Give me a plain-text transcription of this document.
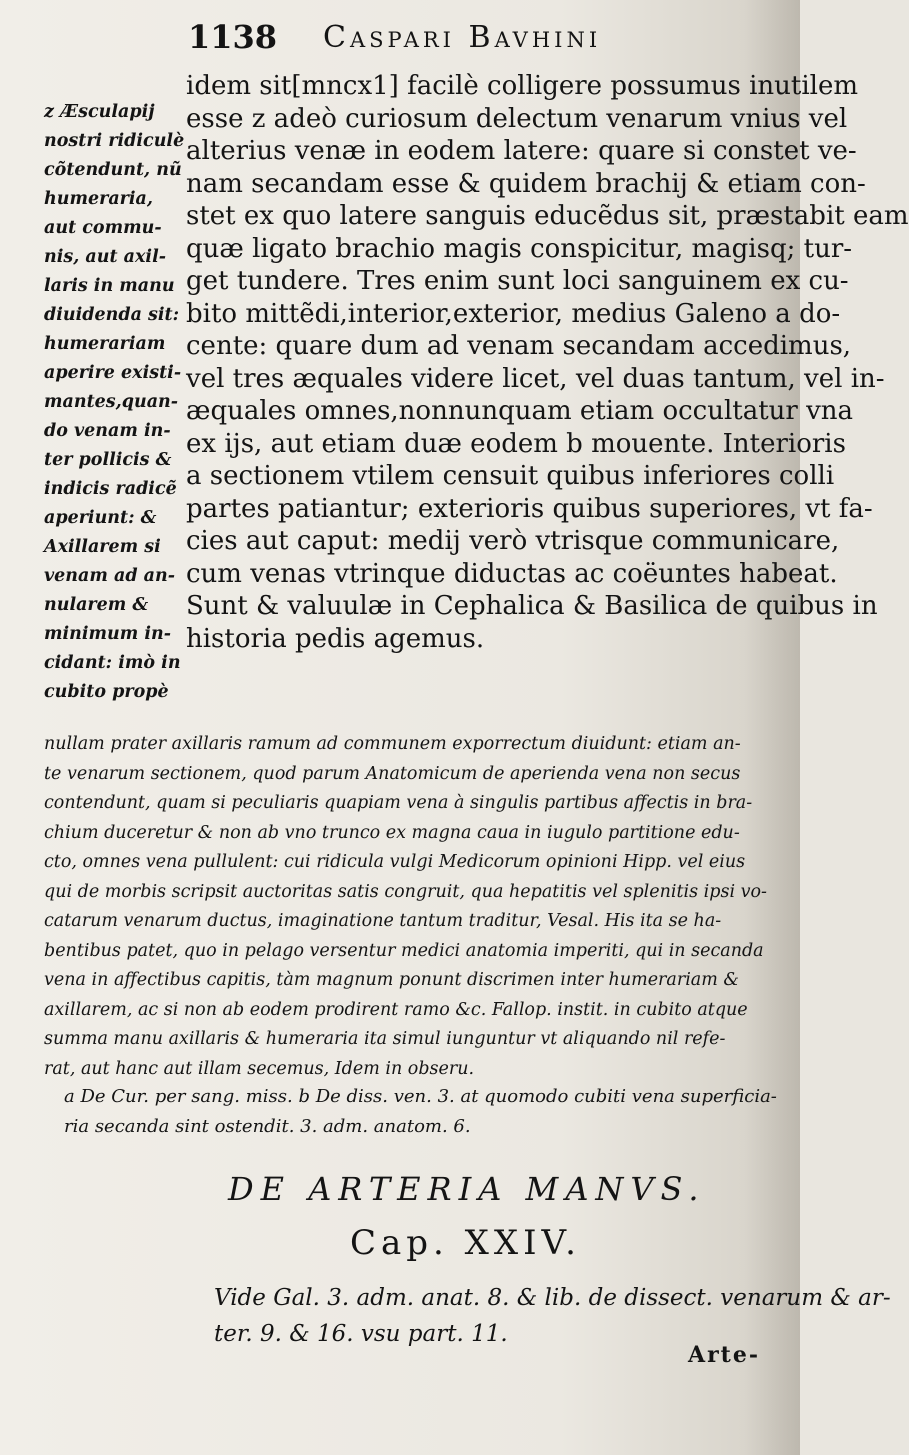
1138 Caspari Bavhini
idem sit[mncx1] facilè colligere possumus inutilem
esse z adeò curiosum delectum venarum vnius vel
alterius venæ in eodem latere: quare si constet ve-
nam secandam esse & quidem brachij & etiam con-
stet ex quo latere sanguis educẽdus sit, præstabit eam
quæ ligato brachio magis conspicitur, magisq; tur-
get tundere. Tres enim sunt loci sanguinem ex cu-
bito mittẽdi,interior,exterior, medius Galeno a do-
cente: quare dum ad venam secandam accedimus,
vel tres æquales videre licet, vel duas tantum, vel in-
æquales omnes,nonnunquam etiam occultatur vna
ex ijs, aut etiam duæ eodem b mouente. Interioris
a sectionem vtilem censuit quibus inferiores colli
partes patiantur; exterioris quibus superiores, vt fa-
cies aut caput: medij verò vtrisque communicare,
cum venas vtrinque diductas ac coëuntes habeat.
Sunt & valuulæ in Cephalica & Basilica de quibus in
historia pedis agemus.
z Æsculapij
nostri ridiculè
cõtendunt, nũ
humeraria,
aut commu-
nis, aut axil-
laris in manu
diuidenda sit:
humerariam
aperire existi-
mantes,quan-
do venam in-
ter pollicis &
indicis radicẽ
aperiunt: &
Axillarem si
venam ad an-
nularem &
minimum in-
cidant: imò in
cubito propè
nullam prater axillaris ramum ad communem exporrectum diuidunt: etiam an-
te venarum sectionem, quod parum Anatomicum de aperienda vena non secus
contendunt, quam si peculiaris quapiam vena à singulis partibus affectis in bra-
chium duceretur & non ab vno trunco ex magna caua in iugulo partitione edu-
cto, omnes vena pullulent: cui ridicula vulgi Medicorum opinioni Hipp. vel eius
qui de morbis scripsit auctoritas satis congruit, qua hepatitis vel splenitis ipsi vo-
catarum venarum ductus, imaginatione tantum traditur, Vesal. His ita se ha-
bentibus patet, quo in pelago versentur medici anatomia imperiti, qui in secanda
vena in affectibus capitis, tàm magnum ponunt discrimen inter humerariam &
axillarem, ac si non ab eodem prodirent ramo &c. Fallop. instit. in cubito atque
summa manu axillaris & humeraria ita simul iunguntur vt aliquando nil refe-
rat, aut hanc aut illam secemus, Idem in obseru.
a De Cur. per sang. miss. b De diss. ven. 3. at quomodo cubiti vena superficia-
ria secanda sint ostendit. 3. adm. anatom. 6.
DE ARTERIA MANVS.
Cap. XXIV.
Vide Gal. 3. adm. anat. 8. & lib. de dissect. venarum & ar-
ter. 9. & 16. vsu part. 11.
Arte-
